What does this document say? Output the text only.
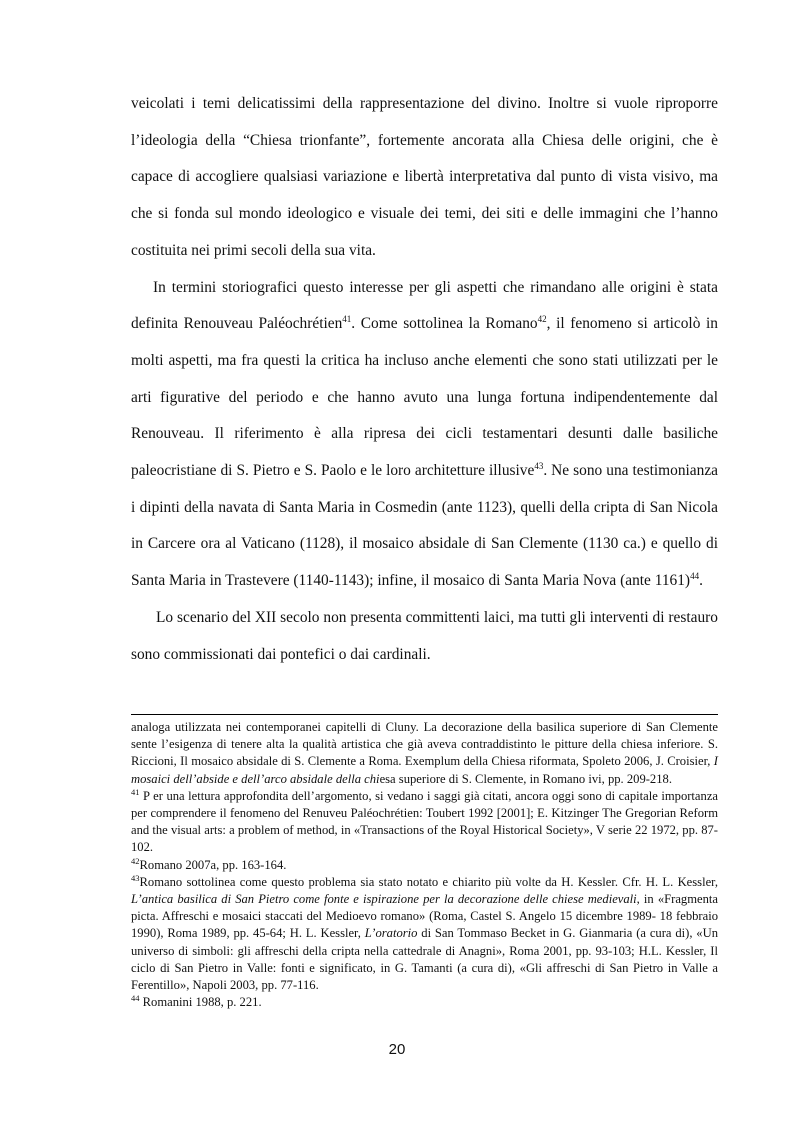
veicolati i temi delicatissimi della rappresentazione del divino. Inoltre si vuole riproporre l’ideologia della “Chiesa trionfante”, fortemente ancorata alla Chiesa delle origini, che è capace di accogliere qualsiasi variazione e libertà interpretativa dal punto di vista visivo, ma che si fonda sul mondo ideologico e visuale dei temi, dei siti e delle immagini che l’hanno costituita nei primi secoli della sua vita.

In termini storiografici questo interesse per gli aspetti che rimandano alle origini è stata definita Renouveau Paléochrétien$^{41}$. Come sottolinea la Romano$^{42}$, il fenomeno si articolò in molti aspetti, ma fra questi la critica ha incluso anche elementi che sono stati utilizzati per le arti figurative del periodo e che hanno avuto una lunga fortuna indipendentemente dal Renouveau. Il riferimento è alla ripresa dei cicli testamentari desunti dalle basiliche paleocristiane di S. Pietro e S. Paolo e le loro architetture illusive$^{43}$. Ne sono una testimonianza i dipinti della navata di Santa Maria in Cosmedin (ante 1123), quelli della cripta di San Nicola in Carcere ora al Vaticano (1128), il mosaico absidale di San Clemente (1130 ca.) e quello di Santa Maria in Trastevere (1140-1143); infine, il mosaico di Santa Maria Nova (ante 1161)$^{44}$.

Lo scenario del XII secolo non presenta committenti laici, ma tutti gli interventi di restauro sono commissionati dai pontefici o dai cardinali.

analoga utilizzata nei contemporanei capitelli di Cluny. La decorazione della basilica superiore di San Clemente sente l’esigenza di tenere alta la qualità artistica che già aveva contraddistinto le pitture della chiesa inferiore. S. Riccioni, Il mosaico absidale di S. Clemente a Roma. Exemplum della Chiesa riformata, Spoleto 2006, J. Croisier, I mosaici dell’abside e dell’arco absidale della chiesa superiore di S. Clemente, in Romano ivi, pp. 209-218.

$^{41}$ P er una lettura approfondita dell’argomento, si vedano i saggi già citati, ancora oggi sono di capitale importanza per comprendere il fenomeno del Renuveu Paléochrétien: Toubert 1992 [2001]; E. Kitzinger The Gregorian Reform and the visual arts: a problem of method, in «Transactions of the Royal Historical Society», V serie 22 1972, pp. 87-102.

$^{42}$Romano 2007a, pp. 163-164.

$^{43}$Romano sottolinea come questo problema sia stato notato e chiarito più volte da H. Kessler. Cfr. H. L. Kessler, L’antica basilica di San Pietro come fonte e ispirazione per la decorazione delle chiese medievali, in «Fragmenta picta. Affreschi e mosaici staccati del Medioevo romano» (Roma, Castel S. Angelo 15 dicembre 1989- 18 febbraio 1990), Roma 1989, pp. 45-64; H. L. Kessler, L’oratorio di San Tommaso Becket in G. Gianmaria (a cura di), «Un universo di simboli: gli affreschi della cripta nella cattedrale di Anagni», Roma 2001, pp. 93-103; H.L. Kessler, Il ciclo di San Pietro in Valle: fonti e significato, in G. Tamanti (a cura di), «Gli affreschi di San Pietro in Valle a Ferentillo», Napoli 2003, pp. 77-116.

$^{44}$ Romanini 1988, p. 221.

20
